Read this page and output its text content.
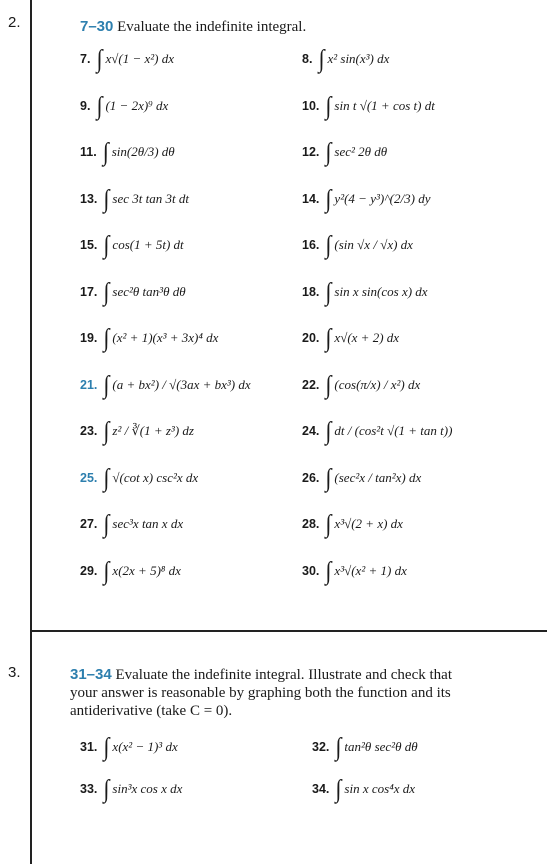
2.	7–30 Evaluate the indefinite integral.
7. ∫ x√(1 − x²) dx	8. ∫ x² sin(x³) dx
9. ∫ (1 − 2x)⁹ dx	10. ∫ sin t √(1 + cos t) dt
11. ∫ sin(2θ/3) dθ	12. ∫ sec² 2θ dθ
13. ∫ sec 3t tan 3t dt	14. ∫ y²(4 − y³)^(2/3) dy
15. ∫ cos(1 + 5t) dt	16. ∫ (sin √x / √x) dx
17. ∫ sec²θ tan³θ dθ	18. ∫ sin x sin(cos x) dx
19. ∫ (x² + 1)(x³ + 3x)⁴ dx	20. ∫ x√(x + 2) dx
21. ∫ (a + bx²) / √(3ax + bx³) dx	22. ∫ (cos(π/x) / x²) dx
23. ∫ z² / ∛(1 + z³) dz	24. ∫ dt / (cos²t √(1 + tan t))
25. ∫ √(cot x) csc²x dx	26. ∫ (sec²x / tan²x) dx
27. ∫ sec³x tan x dx	28. ∫ x³√(2 + x) dx
29. ∫ x(2x + 5)⁸ dx	30. ∫ x³√(x² + 1) dx
3.	31–34 Evaluate the indefinite integral. Illustrate and check that
your answer is reasonable by graphing both the function and its
antiderivative (take C = 0).
31. ∫ x(x² − 1)³ dx	32. ∫ tan²θ sec²θ dθ
33. ∫ sin³x cos x dx	34. ∫ sin x cos⁴x dx
